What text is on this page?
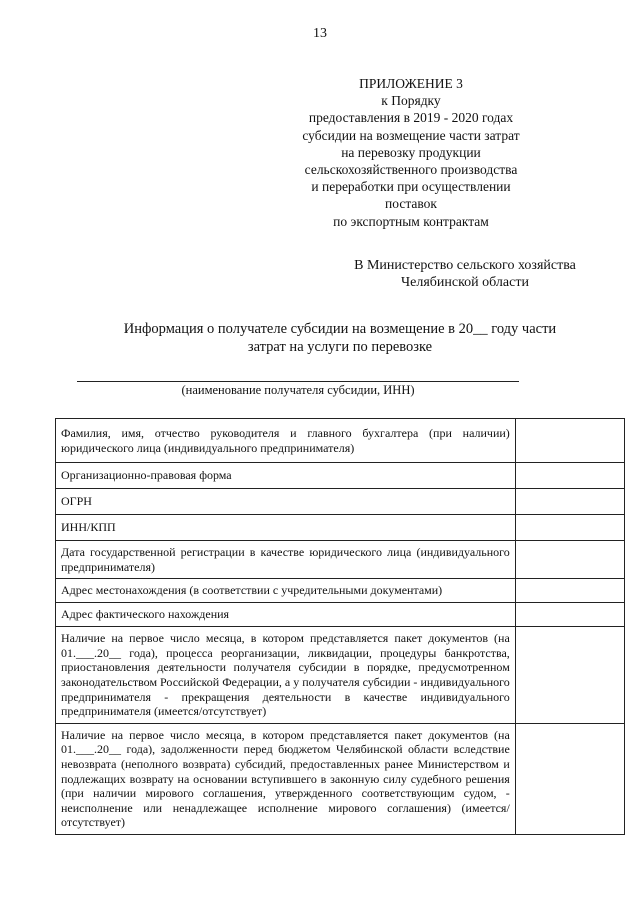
13
ПРИЛОЖЕНИЕ 3
к Порядку
предоставления в 2019 - 2020 годах
субсидии на возмещение части затрат
на перевозку продукции
сельскохозяйственного производства
и переработки при осуществлении
поставок
по экспортным контрактам
В Министерство сельского хозяйства
Челябинской области
Информация о получателе субсидии на возмещение в 20__ году части
затрат на услуги по перевозке
(наименование получателя субсидии, ИНН)
Фамилия, имя, отчество руководителя и главного бухгалтера (при наличии) юридического лица (индивидуального предпринимателя)	
Организационно-правовая форма	
ОГРН	
ИНН/КПП	
Дата государственной регистрации в качестве юридического лица (индивидуального предпринимателя)	
Адрес местонахождения (в соответствии с учредительными документами)	
Адрес фактического нахождения	
Наличие на первое число месяца, в котором представляется пакет документов (на 01.___.20__ года), процесса реорганизации, ликвидации, процедуры банкротства, приостановления деятельности получателя субсидии в порядке, предусмотренном законодательством Российской Федерации, а у получателя субсидии - индивидуального предпринимателя - прекращения деятельности в качестве индивидуального предпринимателя (имеется/отсутствует)	
Наличие на первое число месяца, в котором представляется пакет документов (на 01.___.20__ года), задолженности перед бюджетом Челябинской области вследствие невозврата (неполного возврата) субсидий, предоставленных ранее Министерством и подлежащих возврату на основании вступившего в законную силу судебного решения (при наличии мирового соглашения, утвержденного соответствующим судом, - неисполнение или ненадлежащее исполнение мирового соглашения) (имеется/отсутствует)	
